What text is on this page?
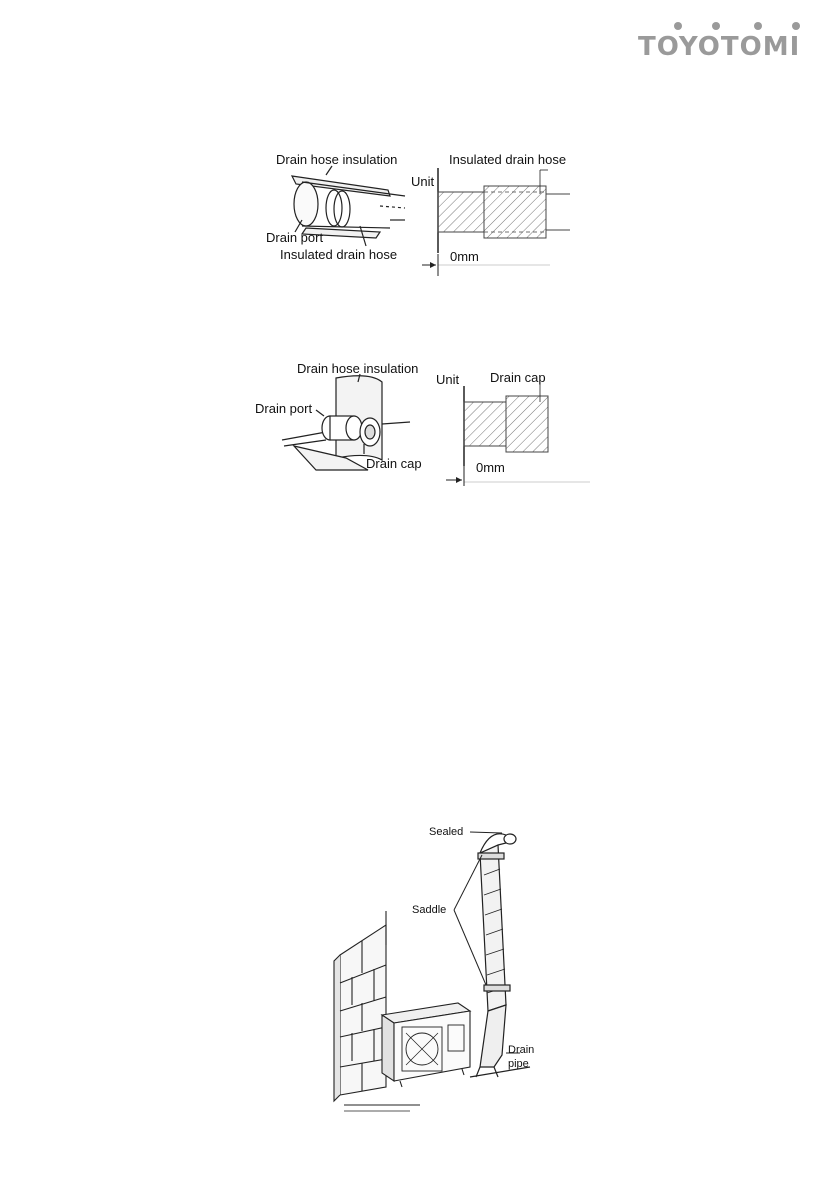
TOYOTOMI
Drain hose insulation
Drain port
Insulated drain hose
Unit
Insulated drain hose
0mm
Drain hose insulation
Drain port
Drain cap
Unit Drain cap
0mm
Sealed
Saddle
Drain
pipe
